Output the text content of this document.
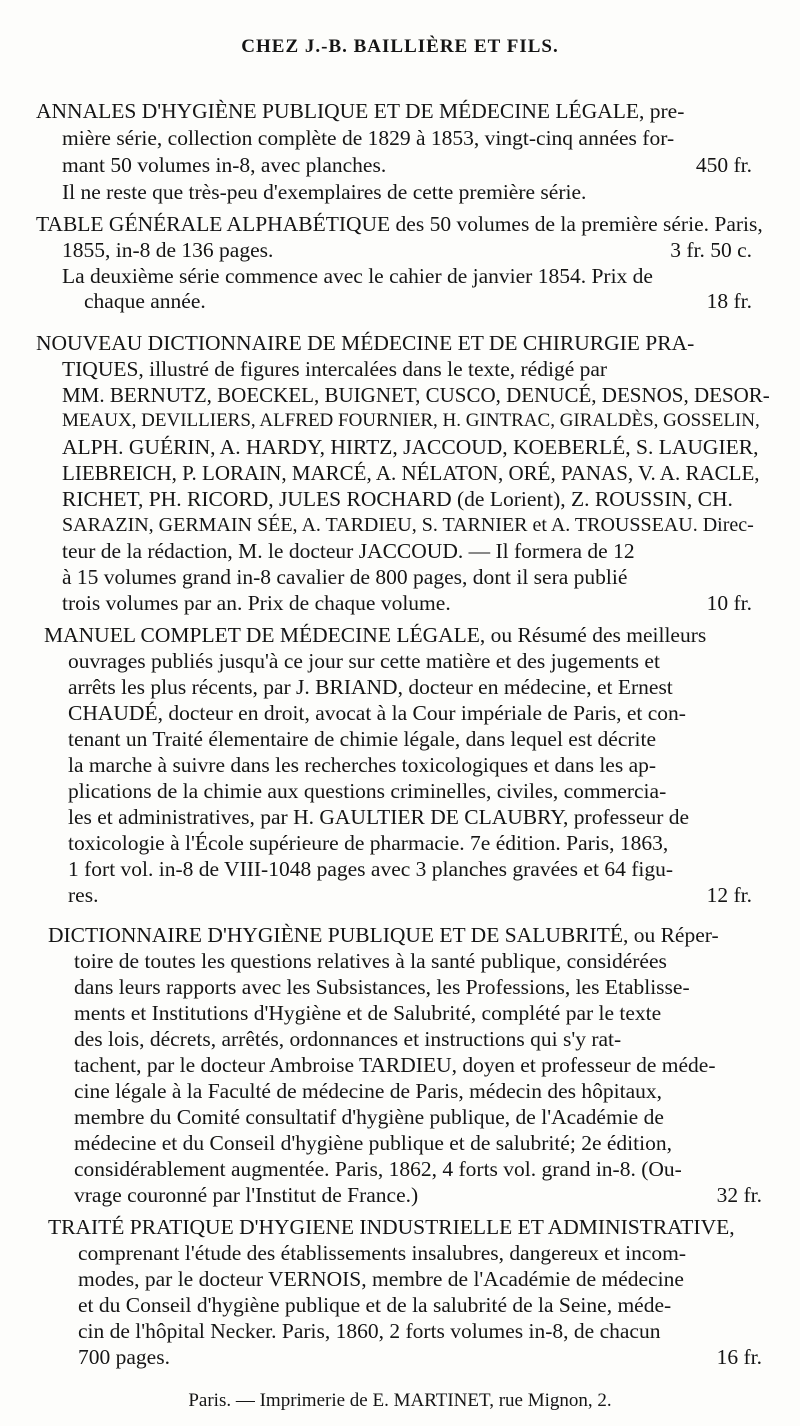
CHEZ J.-B. BAILLIÈRE ET FILS.
ANNALES D'HYGIÈNE PUBLIQUE ET DE MÉDECINE LÉGALE, pre-
mière série, collection complète de 1829 à 1853, vingt-cinq années for-
mant 50 volumes in-8, avec planches.	450 fr.
Il ne reste que très-peu d'exemplaires de cette première série.
TABLE GÉNÉRALE ALPHABÉTIQUE des 50 volumes de la première série. Paris,
1855, in-8 de 136 pages.	3 fr. 50 c.
La deuxième série commence avec le cahier de janvier 1854. Prix de
chaque année.	18 fr.
NOUVEAU DICTIONNAIRE DE MÉDECINE ET DE CHIRURGIE PRA-
TIQUES, illustré de figures intercalées dans le texte, rédigé par
MM. BERNUTZ, BOECKEL, BUIGNET, CUSCO, DENUCÉ, DESNOS, DESOR-
MEAUX, DEVILLIERS, ALFRED FOURNIER, H. GINTRAC, GIRALDÈS, GOSSELIN,
ALPH. GUÉRIN, A. HARDY, HIRTZ, JACCOUD, KOEBERLÉ, S. LAUGIER,
LIEBREICH, P. LORAIN, MARCÉ, A. NÉLATON, ORÉ, PANAS, V. A. RACLE,
RICHET, PH. RICORD, JULES ROCHARD (de Lorient), Z. ROUSSIN, CH.
SARAZIN, GERMAIN SÉE, A. TARDIEU, S. TARNIER et A. TROUSSEAU. Direc-
teur de la rédaction, M. le docteur JACCOUD. — Il formera de 12
à 15 volumes grand in-8 cavalier de 800 pages, dont il sera publié
trois volumes par an. Prix de chaque volume.	10 fr.
MANUEL COMPLET DE MÉDECINE LÉGALE, ou Résumé des meilleurs
ouvrages publiés jusqu'à ce jour sur cette matière et des jugements et
arrêts les plus récents, par J. BRIAND, docteur en médecine, et Ernest
CHAUDÉ, docteur en droit, avocat à la Cour impériale de Paris, et con-
tenant un Traité élementaire de chimie légale, dans lequel est décrite
la marche à suivre dans les recherches toxicologiques et dans les ap-
plications de la chimie aux questions criminelles, civiles, commercia-
les et administratives, par H. GAULTIER DE CLAUBRY, professeur de
toxicologie à l'École supérieure de pharmacie. 7e édition. Paris, 1863,
1 fort vol. in-8 de VIII-1048 pages avec 3 planches gravées et 64 figu-
res.	12 fr.
DICTIONNAIRE D'HYGIÈNE PUBLIQUE ET DE SALUBRITÉ, ou Réper-
toire de toutes les questions relatives à la santé publique, considérées
dans leurs rapports avec les Subsistances, les Professions, les Etablisse-
ments et Institutions d'Hygiène et de Salubrité, complété par le texte
des lois, décrets, arrêtés, ordonnances et instructions qui s'y rat-
tachent, par le docteur Ambroise TARDIEU, doyen et professeur de méde-
cine légale à la Faculté de médecine de Paris, médecin des hôpitaux,
membre du Comité consultatif d'hygiène publique, de l'Académie de
médecine et du Conseil d'hygiène publique et de salubrité; 2e édition,
considérablement augmentée. Paris, 1862, 4 forts vol. grand in-8. (Ou-
vrage couronné par l'Institut de France.)	32 fr.
TRAITÉ PRATIQUE D'HYGIENE INDUSTRIELLE ET ADMINISTRATIVE,
comprenant l'étude des établissements insalubres, dangereux et incom-
modes, par le docteur VERNOIS, membre de l'Académie de médecine
et du Conseil d'hygiène publique et de la salubrité de la Seine, méde-
cin de l'hôpital Necker. Paris, 1860, 2 forts volumes in-8, de chacun
700 pages.	16 fr.
Paris. — Imprimerie de E. MARTINET, rue Mignon, 2.
